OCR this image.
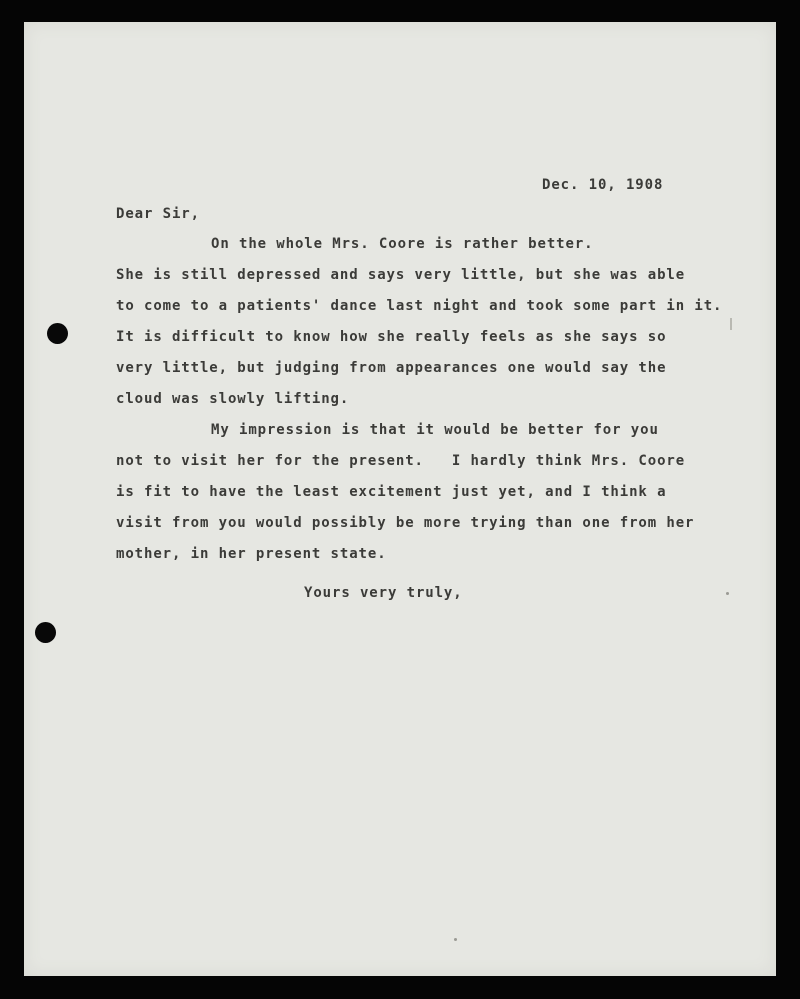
Dec. 10, 1908
Dear Sir,
On the whole Mrs. Coore is rather better.
She is still depressed and says very little, but she was able
to come to a patients' dance last night and took some part in it.
It is difficult to know how she really feels as she says so
very little, but judging from appearances one would say the
cloud was slowly lifting.
My impression is that it would be better for you
not to visit her for the present.   I hardly think Mrs. Coore
is fit to have the least excitement just yet, and I think a
visit from you would possibly be more trying than one from her
mother, in her present state.
Yours very truly,
